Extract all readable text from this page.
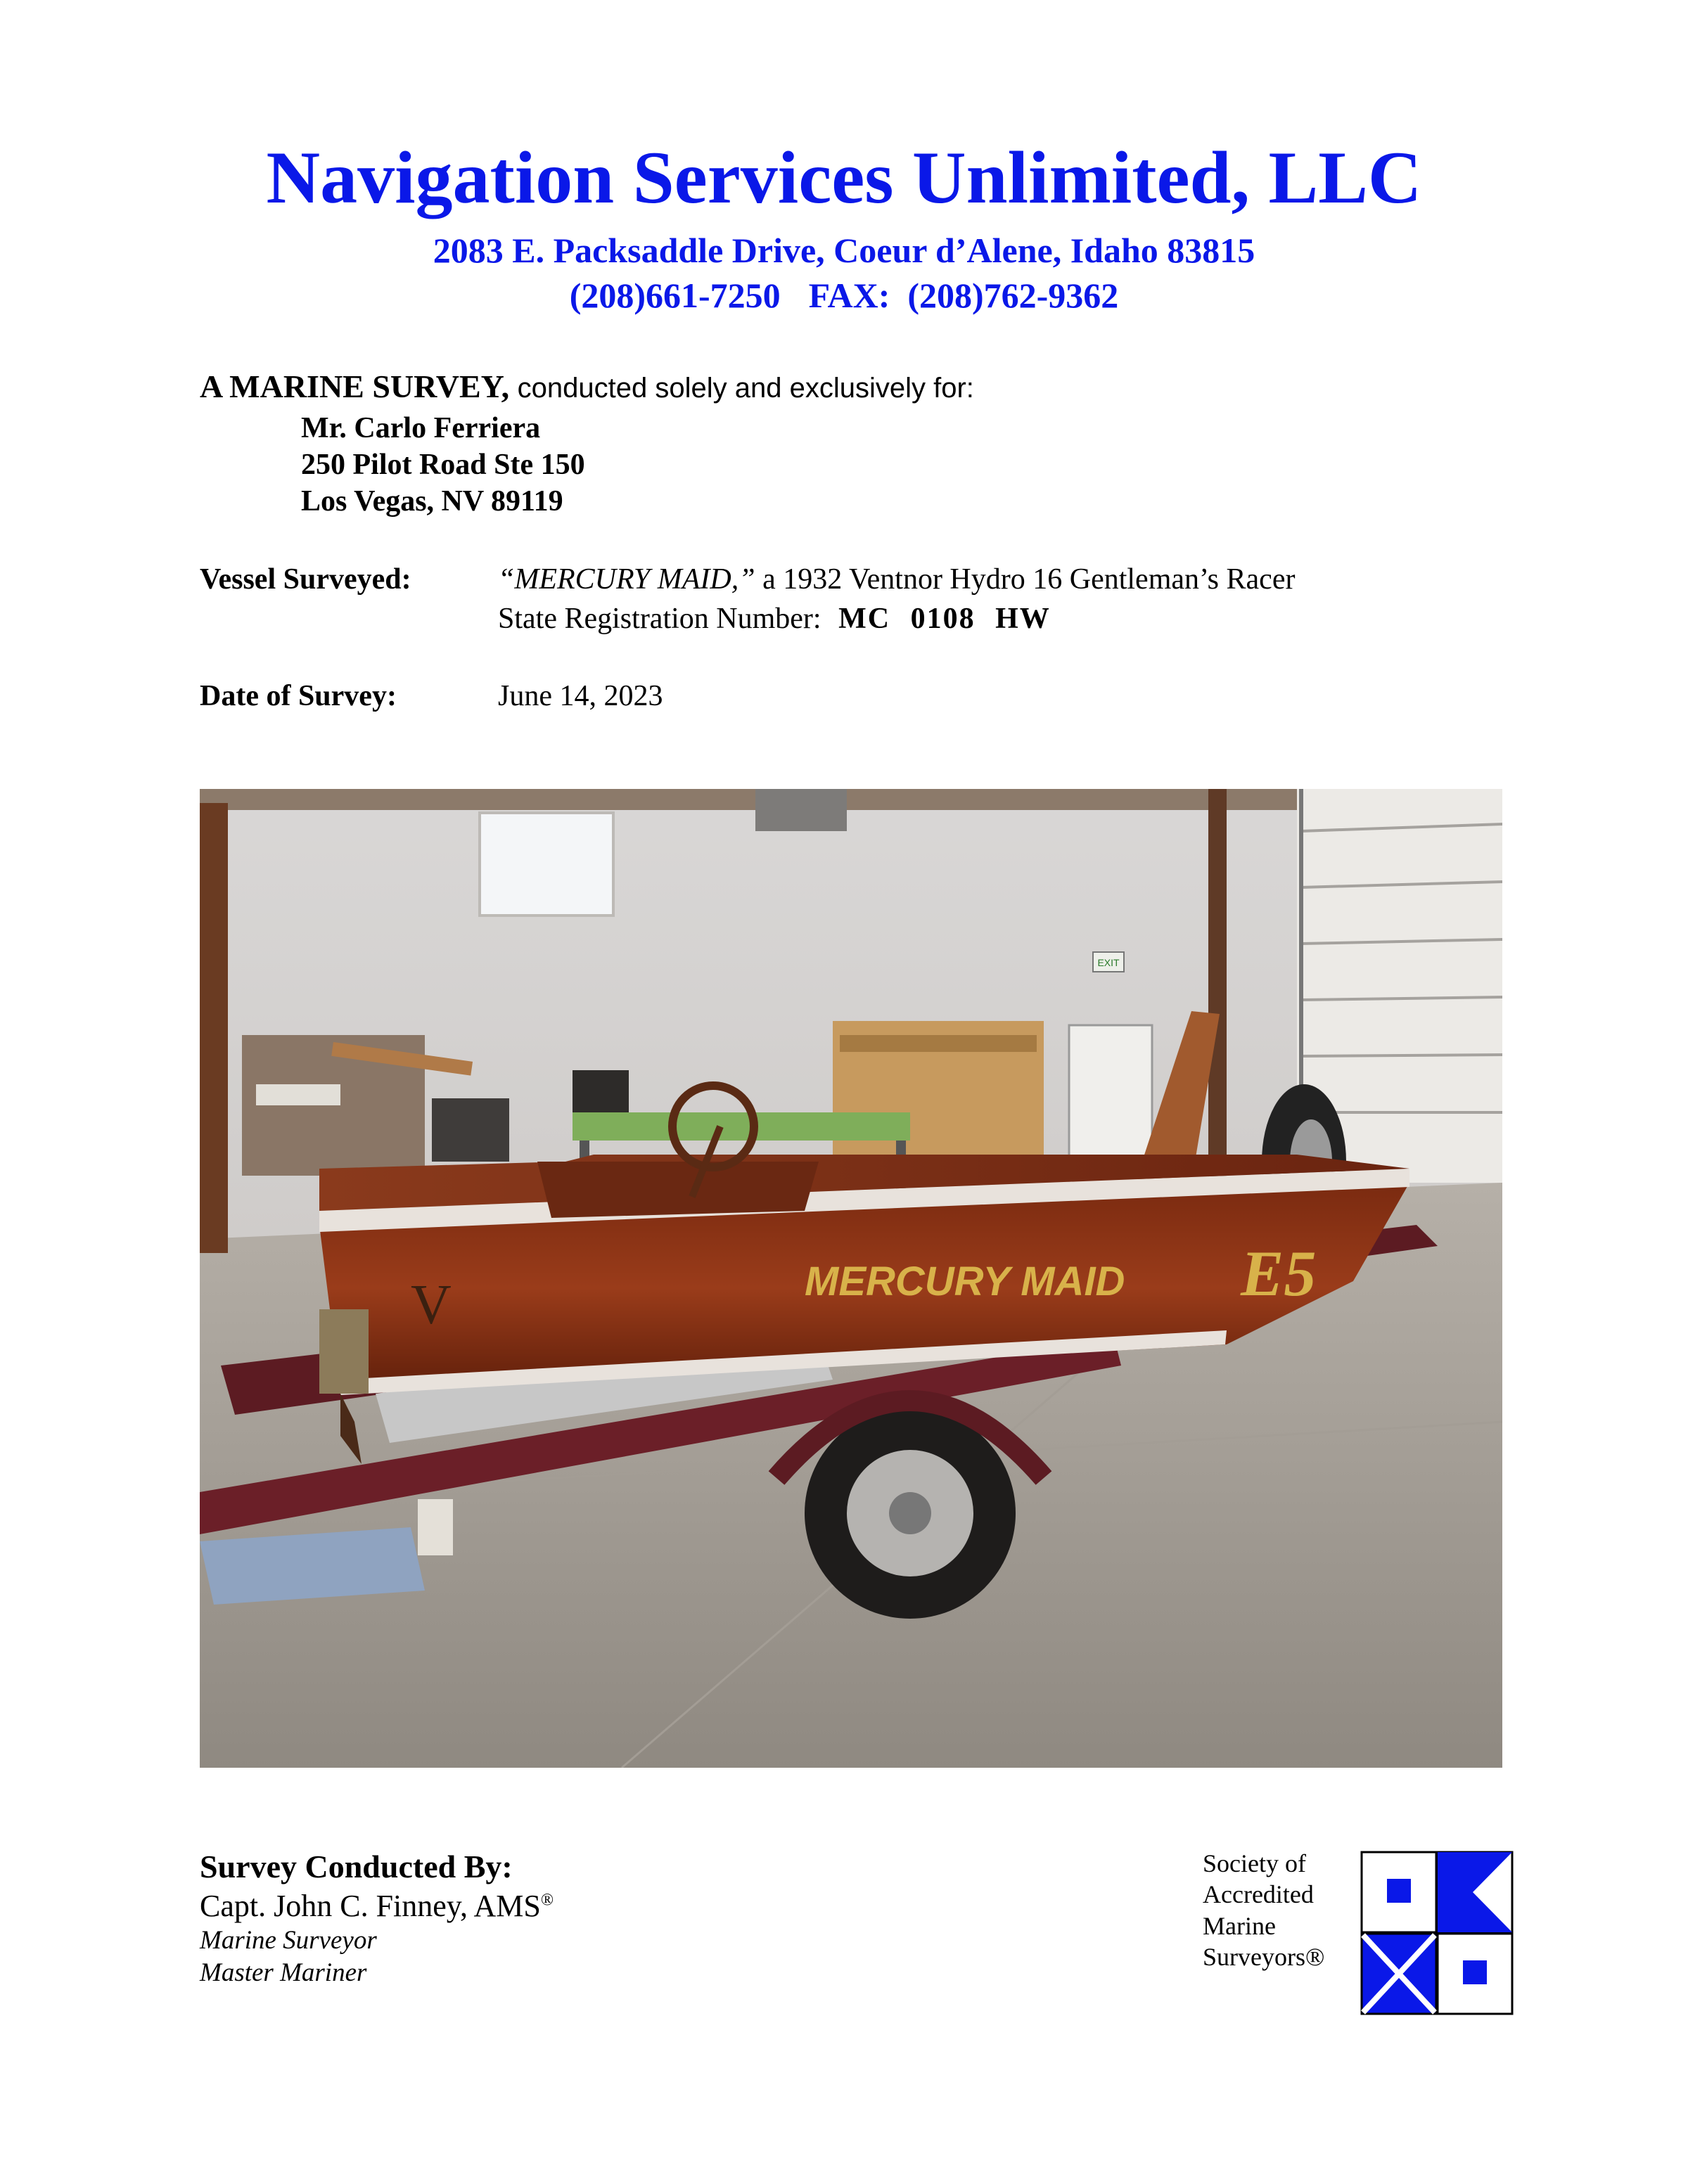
Navigation Services Unlimited, LLC
2083 E. Packsaddle Drive, Coeur d’Alene, Idaho 83815
(208)661-7250 FAX:  (208)762-9362
A MARINE SURVEY, conducted solely and exclusively for:
Mr. Carlo Ferriera
250 Pilot Road Ste 150
Los Vegas, NV 89119
Vessel Surveyed:	“MERCURY MAID,” a 1932 Ventnor Hydro 16 Gentleman’s Racer
State Registration Number: MC 0108 HW
Date of Survey:	June 14, 2023
EXIT
MERCURY MAID E5
V
Survey Conducted By:
Capt. John C. Finney, AMS®
Marine Surveyor
Master Mariner
Society of
Accredited
Marine
Surveyors®
